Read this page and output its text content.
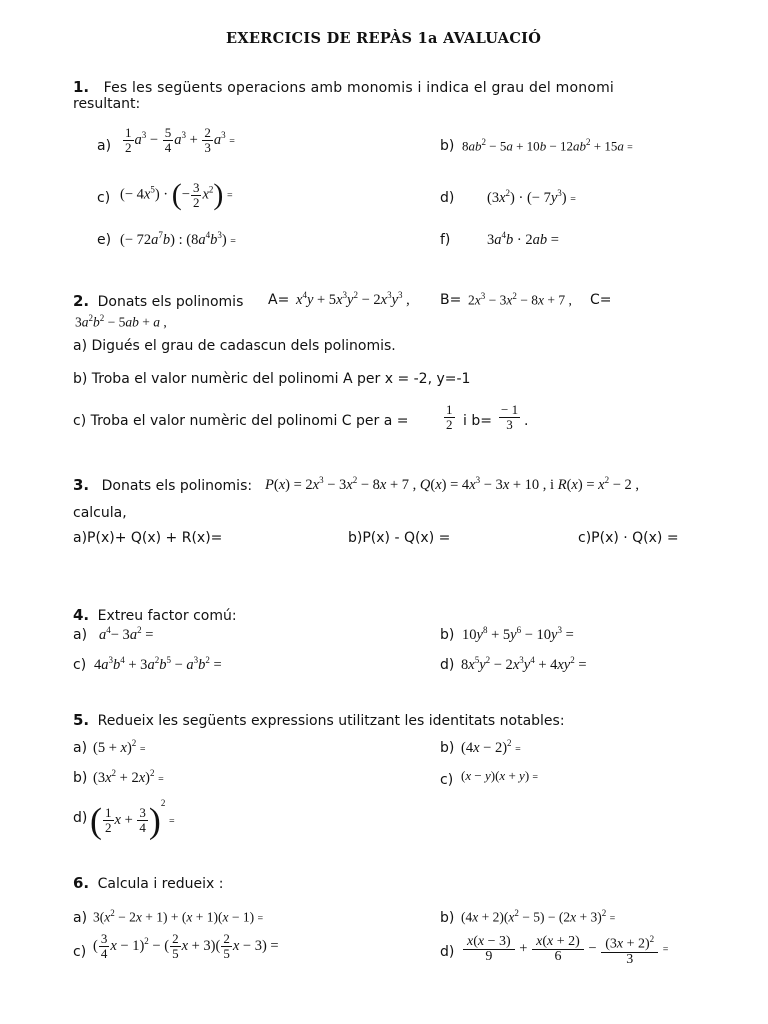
EXERCICIS DE REPÀS 1a AVALUACIÓ
1. Fes les següents operacions amb monomis i indica el grau del monomi
resultant:
$a) \frac{1}{2} a^3 - \frac{5}{4} a^3 + \frac{2}{3} a^3$ =	b) $8ab^2 - 5a + 10b - 12ab^2 + 15a$ =
c) (− $4x^5$) · (− $\frac{3}{2} x^2$) =	d) $(3x^2)$ · (− $7y^3$) =
e) (− $72a^7b$) : $(8a^4b^3)$ =	f)	$3a^4b \cdot 2ab$ =
2. Donats els polinomis $A= x^4y + 5x^3y^2 - 2x^3y^3$ , $B= 2x^3 - 3x^2 - 8x + 7$ , C=
$3a^2b^2 - 5ab + a$ ,
a) Digués el grau de cadascun dels polinomis.
b) Troba el valor numèric del polinomi A per x = -2, y=-1
c) Troba el valor numèric del polinomi C per a =	$\frac{1}{2}$ i $b= \frac{- 1}{3}$ .
3. Donats els polinomis: $P(x) = 2x^3 - 3x^2 - 8x + 7$ , $Q(x) = 4x^3 - 3x + 10$ , i $R(x) = x^2 - 2$ ,
calcula,
a)P(x)+ Q(x) + R(x)=	b)P(x) - Q(x) =	c)P(x) · Q(x) =
4. Extreu factor comú:
a) $a^4- 3a^2$ =	b) $10y^8 + 5y^6 - 10y^3$ =
c) $4a^3b^4 + 3a^2b^5 - a^3b^2$ =	d) $8x^5y^2 - 2x^3y^4 + 4xy^2$ =
5. Redueix les següents expressions utilitzant les identitats notables:
a) $(5 + x)^2$ =	b) $(4x - 2)^2$ =
b) $(3x^2 + 2x)^2$ =	c) (x − y)(x + y) =
d) ( $\frac{1}{2}$ $x + \frac{3}{4} )^2$ =
6. Calcula i redueix :
a) $3(x^2 - 2x + 1) + (x + 1)(x - 1)$ =	b) $(4x + 2)(x^2 - 5) - (2x + 3)^2$ =
c) ( $\frac{3}{4}$ x − 1)$^2$ − ( $\frac{2}{5}$ $x + 3)( \frac{2}{5}$ x − 3) =	$d) \frac{x(x - 3)}{9} + \frac{x(x + 2)}{6} - \frac{(3x + 2)^2}{3}$ =
